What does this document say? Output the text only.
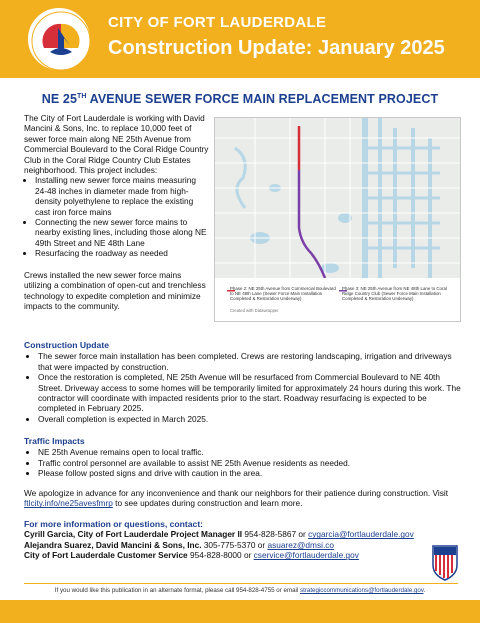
CITY OF FORT LAUDERDALE
Construction Update: January 2025
NE 25TH AVENUE SEWER FORCE MAIN REPLACEMENT PROJECT

The City of Fort Lauderdale is working with David Mancini & Sons, Inc. to replace 10,000 feet of sewer force main along NE 25th Avenue from Commercial Boulevard to the Coral Ridge Country Club in the Coral Ridge Country Club Estates neighborhood. This project includes:

• Installing new sewer force mains measuring 24-48 inches in diameter made from high-density polyethylene to replace the existing cast iron force mains
• Connecting the new sewer force mains to nearby existing lines, including those along NE 49th Street and NE 48th Lane
• Resurfacing the roadway as needed

Crews installed the new sewer force mains utilizing a combination of open-cut and trenchless technology to expedite completion and minimize impacts to the community.

Phase 2: NE 25th Avenue from Commercial Boulevard to NE 48th Lane (Sewer Force Main Installation Completed & Restoration Underway)
Phase 3: NE 25th Avenue from NE 48th Lane to Coral Ridge Country Club (Sewer Force Main Installation Completed & Restoration Underway)
Created with Datawrapper
Construction Update
• The sewer force main installation has been completed. Crews are restoring landscaping, irrigation and driveways that were impacted by construction.
• Once the restoration is completed, NE 25th Avenue will be resurfaced from Commercial Boulevard to NE 40th Street. Driveway access to some homes will be temporarily limited for approximately 24 hours during this work. The contractor will coordinate with impacted residents prior to the start. Roadway resurfacing is expected to be completed in February 2025.
• Overall completion is expected in March 2025.
Traffic Impacts
• NE 25th Avenue remains open to local traffic.
• Traffic control personnel are available to assist NE 25th Avenue residents as needed.
• Please follow posted signs and drive with caution in the area.
We apologize in advance for any inconvenience and thank our neighbors for their patience during construction. Visit ftlcity.info/ne25avesfmrp to see updates during construction and learn more.
For more information or questions, contact:
Cyrill Garcia, City of Fort Lauderdale Project Manager II 954-828-5867 or cygarcia@fortlauderdale.gov
Alejandra Suarez, David Mancini & Sons, Inc. 305-775-5370 or asuarez@dmsi.co
City of Fort Lauderdale Customer Service 954-828-8000 or cservice@fortlauderdale.gov
If you would like this publication in an alternate format, please call 954-828-4755 or email strategiccommunications@fortlauderdale.gov.
